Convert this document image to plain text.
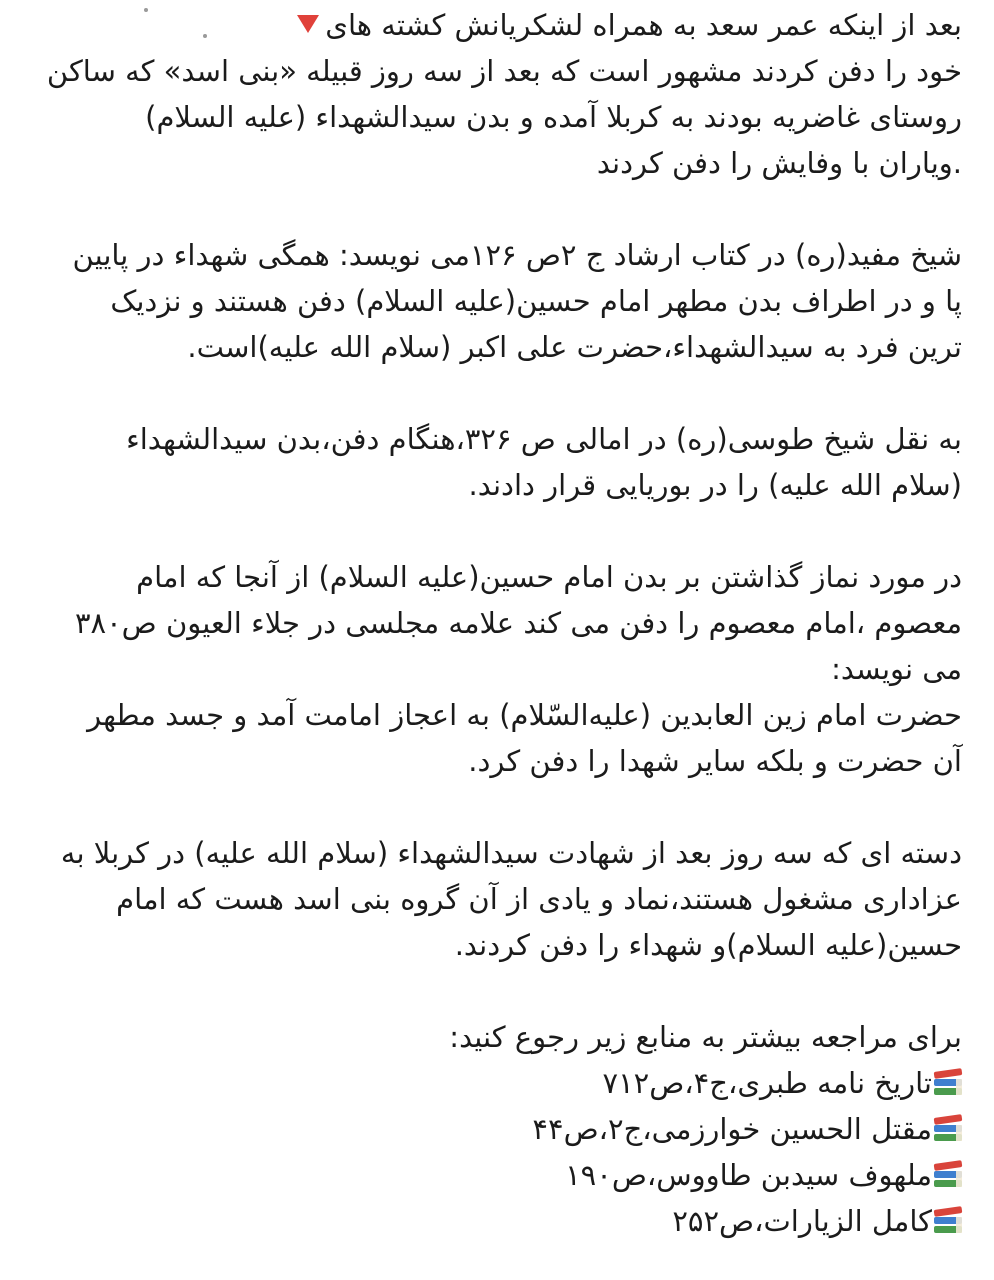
بعد از اینکه عمر سعد به همراه لشکریانش کشته های
خود را دفن کردند مشهور است که بعد از سه روز قبیله «بنی اسد» که ساکن
روستای غاضریه بودند به کربلا آمده و بدن سیدالشهداء (علیه السلام)
.ویاران با وفایش را دفن کردند

شیخ مفید(ره) در کتاب ارشاد ج ۲ص ۱۲۶می نویسد: همگی شهداء در پایین
پا و در اطراف بدن مطهر امام حسین(علیه السلام) دفن هستند و نزدیک
ترین فرد به سیدالشهداء،حضرت علی اکبر (سلام الله علیه)است.

به نقل شیخ طوسی(ره) در امالی ص ۳۲۶،هنگام دفن،بدن سیدالشهداء
(سلام الله علیه) را در بوریایی قرار دادند.

در مورد نماز گذاشتن بر بدن امام حسین(علیه السلام) از آنجا که امام
معصوم ،امام معصوم را دفن می کند علامه مجلسی در جلاء العیون ص۳۸۰
می نویسد:
حضرت امام زین العابدین (علیه‌السّلام) به اعجاز امامت آمد و جسد مطهر
آن حضرت و بلکه سایر شهدا را دفن کرد.

دسته ای که سه روز بعد از شهادت سیدالشهداء (سلام الله علیه) در کربلا به
عزاداری مشغول هستند،نماد و یادی از آن گروه بنی اسد هست که امام
حسین(علیه السلام)و شهداء را دفن کردند.

برای مراجعه بیشتر به منابع زیر رجوع کنید:

تاریخ نامه طبری،ج۴،ص۷۱۲
مقتل الحسین خوارزمی،ج۲،ص۴۴
ملهوف سیدبن طاووس،ص۱۹۰
کامل الزیارات،ص۲۵۲
